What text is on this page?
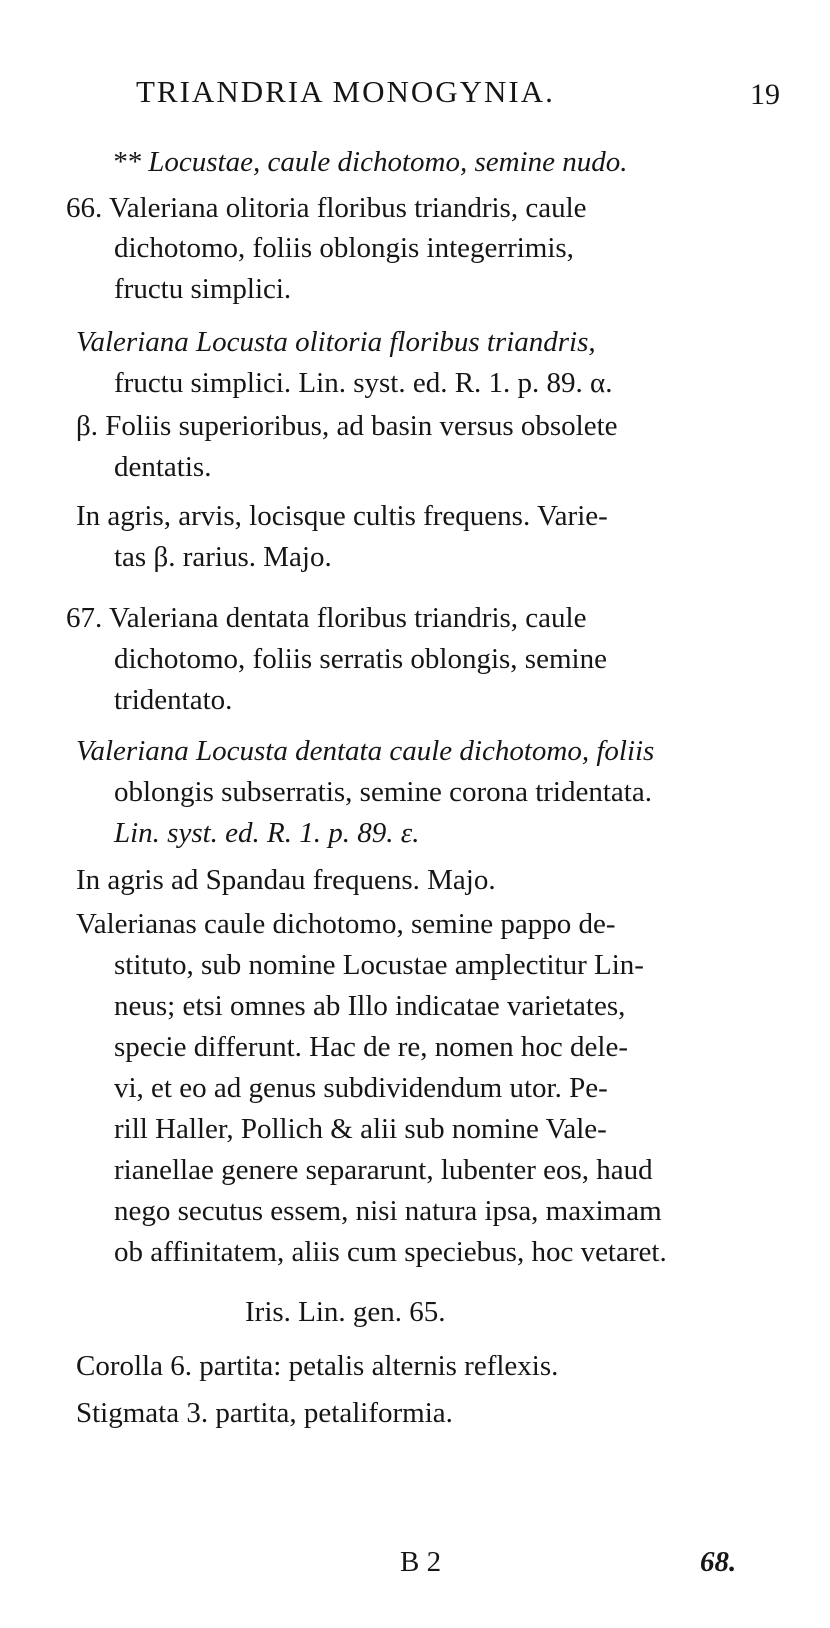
TRIANDRIA MONOGYNIA.	19
** Locustae, caule dichotomo, semine nudo.
66. Valeriana olitoria floribus triandris, caule
dichotomo, foliis oblongis integerrimis,
fructu simplici.
Valeriana Locusta olitoria floribus triandris,
fructu simplici. Lin. syst. ed. R. 1. p. 89. α.
β. Foliis superioribus, ad basin versus obsolete
dentatis.
In agris, arvis, locisque cultis frequens. Varie-
tas β. rarius. Majo.
67. Valeriana dentata floribus triandris, caule
dichotomo, foliis serratis oblongis, semine
tridentato.
Valeriana Locusta dentata caule dichotomo, foliis
oblongis subserratis, semine corona tridentata.
Lin. syst. ed. R. 1. p. 89. ε.
In agris ad Spandau frequens. Majo.
Valerianas caule dichotomo, semine pappo de-
stituto, sub nomine Locustae amplectitur Lin-
neus; etsi omnes ab Illo indicatae varietates,
specie differunt. Hac de re, nomen hoc dele-
vi, et eo ad genus subdividendum utor. Pe-
rill Haller, Pollich & alii sub nomine Vale-
rianellae genere separarunt, lubenter eos, haud
nego secutus essem, nisi natura ipsa, maximam
ob affinitatem, aliis cum speciebus, hoc vetaret.
Iris. Lin. gen. 65.
Corolla 6. partita: petalis alternis reflexis.
Stigmata 3. partita, petaliformia.
B 2	68.
